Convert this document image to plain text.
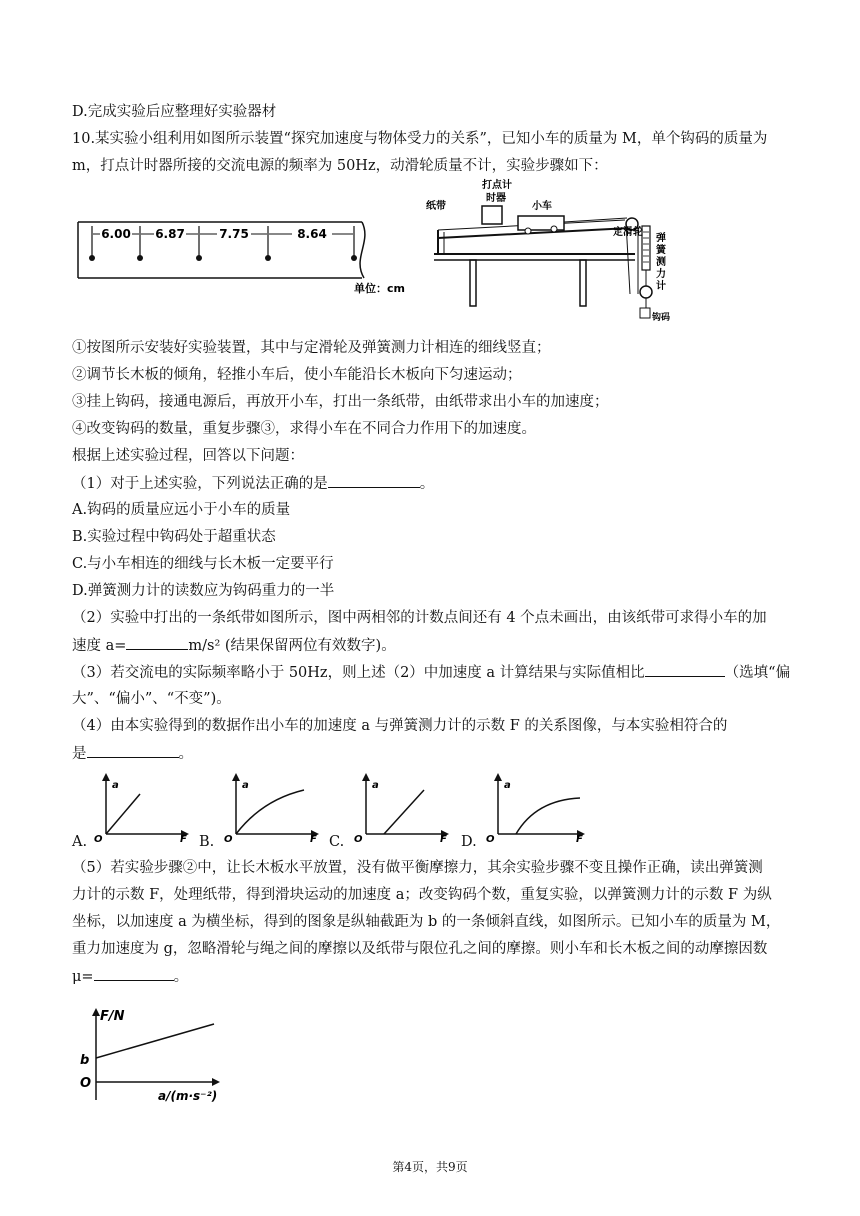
D.完成实验后应整理好实验器材
10.某实验小组利用如图所示装置“探究加速度与物体受力的关系”，已知小车的质量为 M，单个钩码的质量为
m，打点计时器所接的交流电源的频率为 50Hz，动滑轮质量不计，实验步骤如下：
6.00 6.87	7.75	8.64
单位：cm
纸带
打点计
时器
小车
定滑轮
弹簧测力计
钩码
①按图所示安装好实验装置，其中与定滑轮及弹簧测力计相连的细线竖直；
②调节长木板的倾角，轻推小车后，使小车能沿长木板向下匀速运动；
③挂上钩码，接通电源后，再放开小车，打出一条纸带，由纸带求出小车的加速度；
④改变钩码的数量，重复步骤③，求得小车在不同合力作用下的加速度。
根据上述实验过程，回答以下问题：
（1）对于上述实验，下列说法正确的是	。
A.钩码的质量应远小于小车的质量
B.实验过程中钩码处于超重状态
C.与小车相连的细线与长木板一定要平行
D.弹簧测力计的读数应为钩码重力的一半
（2）实验中打出的一条纸带如图所示，图中两相邻的计数点间还有 4 个点未画出，由该纸带可求得小车的加
速度 a=	m/s² (结果保留两位有效数字)。
（3）若交流电的实际频率略小于 50Hz，则上述（2）中加速度 a 计算结果与实际值相比	（选填“偏
大”、“偏小”、“不变”)。
（4）由本实验得到的数据作出小车的加速度 a 与弹簧测力计的示数 F 的关系图像，与本实验相符合的
是	。
A.
a
O	F B.
a
O	F C.
a
O	F D.
a
O	F
（5）若实验步骤②中，让长木板水平放置，没有做平衡摩擦力，其余实验步骤不变且操作正确，读出弹簧测
力计的示数 F，处理纸带，得到滑块运动的加速度 a；改变钩码个数，重复实验，以弹簧测力计的示数 F 为纵
坐标，以加速度 a 为横坐标，得到的图象是纵轴截距为 b 的一条倾斜直线，如图所示。已知小车的质量为 M，
重力加速度为 g，忽略滑轮与绳之间的摩擦以及纸带与限位孔之间的摩擦。则小车和长木板之间的动摩擦因数
μ=	。
F/N
b
O
a/(m·s⁻²)
第4页，共9页
